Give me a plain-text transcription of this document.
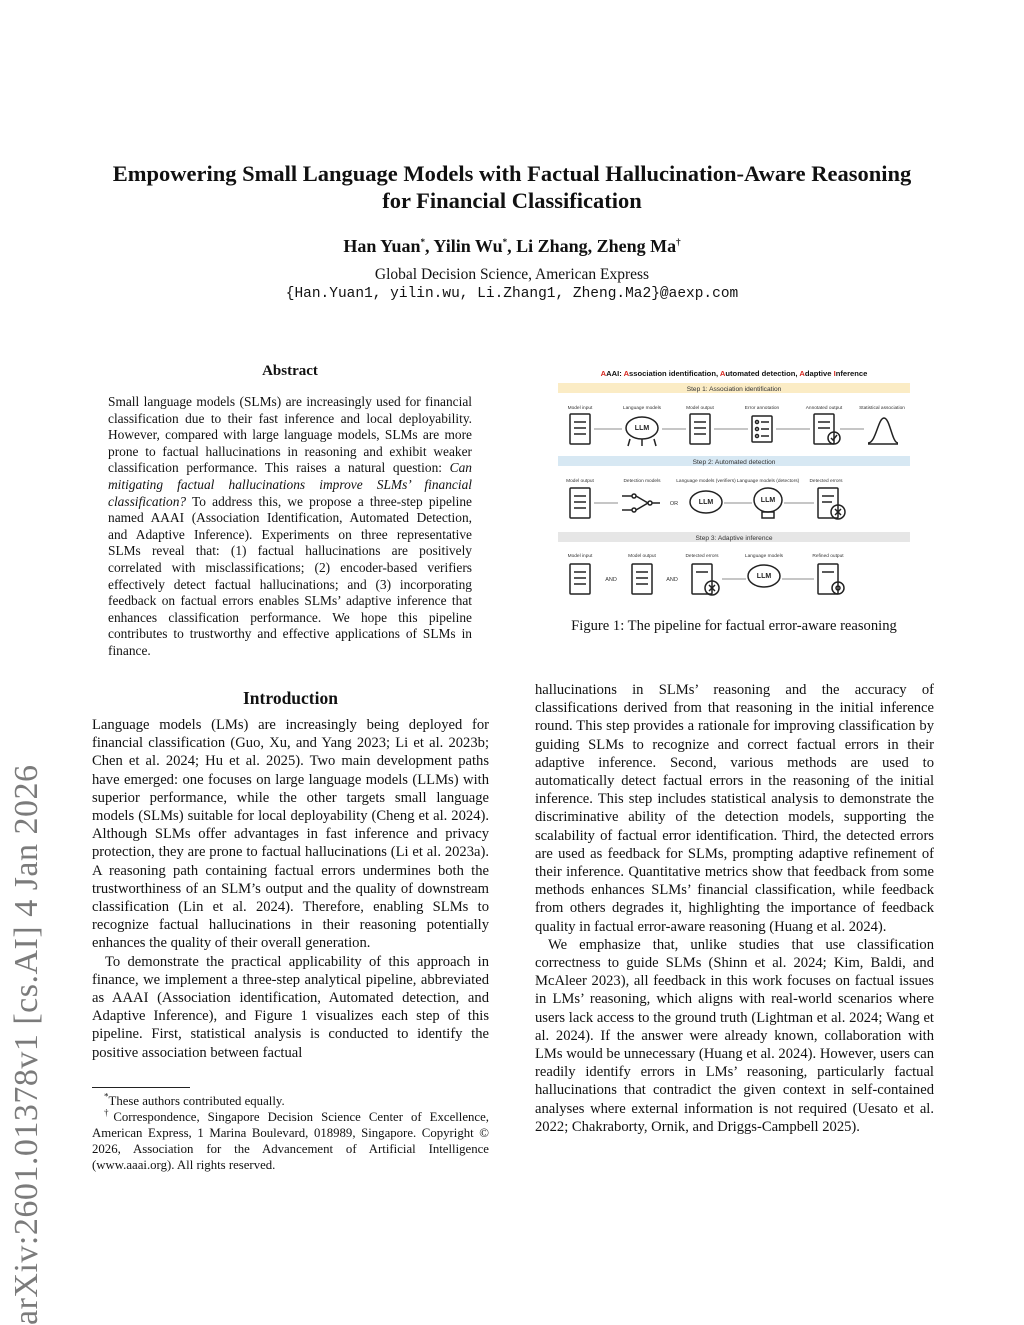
arXiv:2601.01378v1 [cs.AI] 4 Jan 2026
Empowering Small Language Models with Factual Hallucination-Aware Reasoning for Financial Classification
Han Yuan*, Yilin Wu*, Li Zhang, Zheng Ma†
Global Decision Science, American Express
{Han.Yuan1, yilin.wu, Li.Zhang1, Zheng.Ma2}@aexp.com
Abstract

Small language models (SLMs) are increasingly used for financial classification due to their fast inference and local deployability. However, compared with large language models, SLMs are more prone to factual hallucinations in reasoning and exhibit weaker classification performance. This raises a natural question: Can mitigating factual hallucinations improve SLMs’ financial classification? To address this, we propose a three-step pipeline named AAAI (Association Identification, Automated Detection, and Adaptive Inference). Experiments on three representative SLMs reveal that: (1) factual hallucinations are positively correlated with misclassifications; (2) encoder-based verifiers effectively detect factual hallucinations; and (3) incorporating feedback on factual errors enables SLMs’ adaptive inference that enhances classification performance. We hope this pipeline contributes to trustworthy and effective applications of SLMs in finance.

Introduction

Language models (LMs) are increasingly being deployed for financial classification (Guo, Xu, and Yang 2023; Li et al. 2023b; Chen et al. 2024; Hu et al. 2025). Two main development paths have emerged: one focuses on large language models (LLMs) with superior performance, while the other targets small language models (SLMs) suitable for local deployability (Cheng et al. 2024). Although SLMs offer advantages in fast inference and privacy protection, they are prone to factual hallucinations (Li et al. 2023a). A reasoning path containing factual errors undermines both the trustworthiness of an SLM’s output and the quality of downstream classification (Lin et al. 2024). Therefore, enabling SLMs to recognize factual hallucinations in their reasoning potentially enhances the quality of their overall generation.

To demonstrate the practical applicability of this approach in finance, we implement a three-step analytical pipeline, abbreviated as AAAI (Association identification, Automated detection, and Adaptive Inference), and Figure 1 visualizes each step of this pipeline. First, statistical analysis is conducted to identify the positive association between factual

*These authors contributed equally.

†Correspondence, Singapore Decision Science Center of Excellence, American Express, 1 Marina Boulevard, 018989, Singapore. Copyright © 2026, Association for the Advancement of Artificial Intelligence (www.aaai.org). All rights reserved.

AAAI: Association identification, Automated detection, Adaptive Inference
Step 1: Association identification
Step 2: Automated detection
Step 3: Adaptive inference
Model input	Language models	Model output	Error annotation	Annotated output	Statistical association
LLM
Model output	Detection models	Language models (verifiers) Language models (detectors) Detected errors
LLM	LLM
OR
Model input	Model output	Detected errors	Language models	Refined output
LLM
AND	AND
Figure 1: The pipeline for factual error-aware reasoning

hallucinations in SLMs’ reasoning and the accuracy of classifications derived from that reasoning in the initial inference round. This step provides a rationale for improving classification by guiding SLMs to recognize and correct factual errors in their adaptive inference. Second, various methods are used to automatically detect factual errors in the reasoning of the initial inference. This step includes statistical analysis to demonstrate the discriminative ability of the detection models, supporting the scalability of factual error identification. Third, the detected errors are used as feedback for SLMs, prompting adaptive refinement of their inference. Quantitative metrics show that feedback from some methods enhances SLMs’ financial classification, while feedback from others degrades it, highlighting the importance of feedback quality in factual error-aware reasoning (Huang et al. 2024).

We emphasize that, unlike studies that use classification correctness to guide SLMs (Shinn et al. 2024; Kim, Baldi, and McAleer 2023), all feedback in this work focuses on factual issues in LMs’ reasoning, which aligns with real-world scenarios where users lack access to the ground truth (Lightman et al. 2024; Wang et al. 2024). If the answer were already known, collaboration with LMs would be unnecessary (Huang et al. 2024). However, users can readily identify errors in LMs’ reasoning, particularly factual hallucinations that contradict the given context in self-contained analyses where external information is not required (Uesato et al. 2022; Chakraborty, Ornik, and Driggs-Campbell 2025).
